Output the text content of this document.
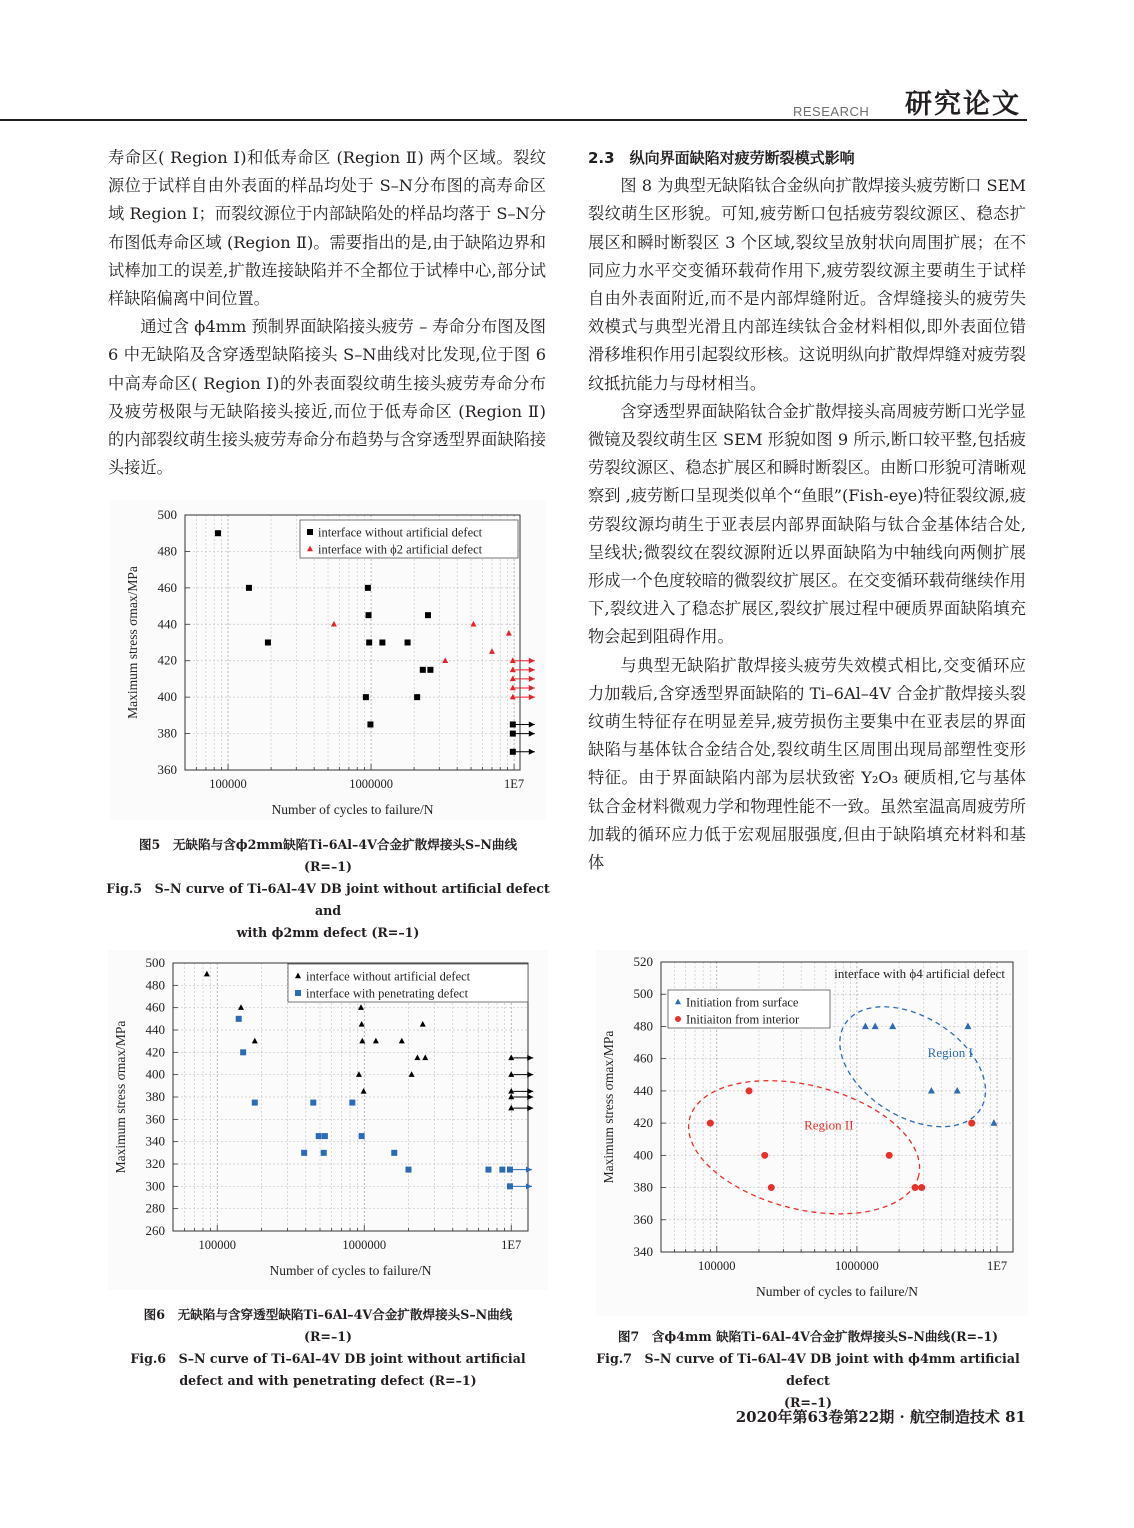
RESEARCH 研究论文

寿命区( Region Ⅰ)和低寿命区 (Region Ⅱ) 两个区域。裂纹源位于试样自由外表面的样品均处于 S–N分布图的高寿命区域 Region Ⅰ；而裂纹源位于内部缺陷处的样品均落于 S–N分布图低寿命区域 (Region Ⅱ)。需要指出的是,由于缺陷边界和试棒加工的误差,扩散连接缺陷并不全都位于试棒中心,部分试样缺陷偏离中间位置。

通过含 ϕ4mm 预制界面缺陷接头疲劳 – 寿命分布图及图 6 中无缺陷及含穿透型缺陷接头 S–N曲线对比发现,位于图 6 中高寿命区( Region Ⅰ)的外表面裂纹萌生接头疲劳寿命分布及疲劳极限与无缺陷接头接近,而位于低寿命区 (Region Ⅱ) 的内部裂纹萌生接头疲劳寿命分布趋势与含穿透型界面缺陷接头接近。

2.3　纵向界面缺陷对疲劳断裂模式影响

图 8 为典型无缺陷钛合金纵向扩散焊接头疲劳断口 SEM 裂纹萌生区形貌。可知,疲劳断口包括疲劳裂纹源区、稳态扩展区和瞬时断裂区 3 个区域,裂纹呈放射状向周围扩展；在不同应力水平交变循环载荷作用下,疲劳裂纹源主要萌生于试样自由外表面附近,而不是内部焊缝附近。含焊缝接头的疲劳失效模式与典型光滑且内部连续钛合金材料相似,即外表面位错滑移堆积作用引起裂纹形核。这说明纵向扩散焊焊缝对疲劳裂纹抵抗能力与母材相当。

含穿透型界面缺陷钛合金扩散焊接头高周疲劳断口光学显微镜及裂纹萌生区 SEM 形貌如图 9 所示,断口较平整,包括疲劳裂纹源区、稳态扩展区和瞬时断裂区。由断口形貌可清晰观察到 ,疲劳断口呈现类似单个“鱼眼”(Fish-eye)特征裂纹源,疲劳裂纹源均萌生于亚表层内部界面缺陷与钛合金基体结合处,呈线状;微裂纹在裂纹源附近以界面缺陷为中轴线向两侧扩展形成一个色度较暗的微裂纹扩展区。在交变循环载荷继续作用下,裂纹进入了稳态扩展区,裂纹扩展过程中硬质界面缺陷填充物会起到阻碍作用。

与典型无缺陷扩散焊接头疲劳失效模式相比,交变循环应力加载后,含穿透型界面缺陷的 Ti–6Al–4V 合金扩散焊接头裂纹萌生特征存在明显差异,疲劳损伤主要集中在亚表层的界面缺陷与基体钛合金结合处,裂纹萌生区周围出现局部塑性变形特征。由于界面缺陷内部为层状致密 Y₂O₃ 硬质相,它与基体钛合金材料微观力学和物理性能不一致。虽然室温高周疲劳所加载的循环应力低于宏观屈服强度,但由于缺陷填充材料和基体

360
380
400
420
440
460
480
500
100000	1000000	1E7
Number of cycles to failure/N
Maximum stress σmax/MPa
interface without artificial defect
interface with ϕ2 artificial defect
图5　无缺陷与含ϕ2mm缺陷Ti–6Al–4V合金扩散焊接头S–N曲线
(R=–1)
Fig.5　S–N curve of Ti–6Al–4V DB joint without artificial defect and
with ϕ2mm defect (R=–1)
260
280
300
320
340
360
380
400
420
440
460
480
500
100000	1000000	1E7
Number of cycles to failure/N
Maximum stress σmax/MPa
interface without artificial defect
interface with penetrating defect
图6　无缺陷与含穿透型缺陷Ti–6Al–4V合金扩散焊接头S–N曲线
(R=–1)
Fig.6　S–N curve of Ti–6Al–4V DB joint without artificial
defect and with penetrating defect (R=–1)
340
360
380
400
420
440
460
480
500
520
100000	1000000	1E7
Number of cycles to failure/N
Maximum stress σmax/MPa	Region I
Region II
interface with ϕ4 artificial defect
Initiation from surface
Initiaiton from interior
图7　含ϕ4mm 缺陷Ti–6Al–4V合金扩散焊接头S–N曲线(R=–1)
Fig.7　S–N curve of Ti–6Al–4V DB joint with ϕ4mm artificial defect
(R=–1)
2020年第63卷第22期 · 航空制造技术 81
